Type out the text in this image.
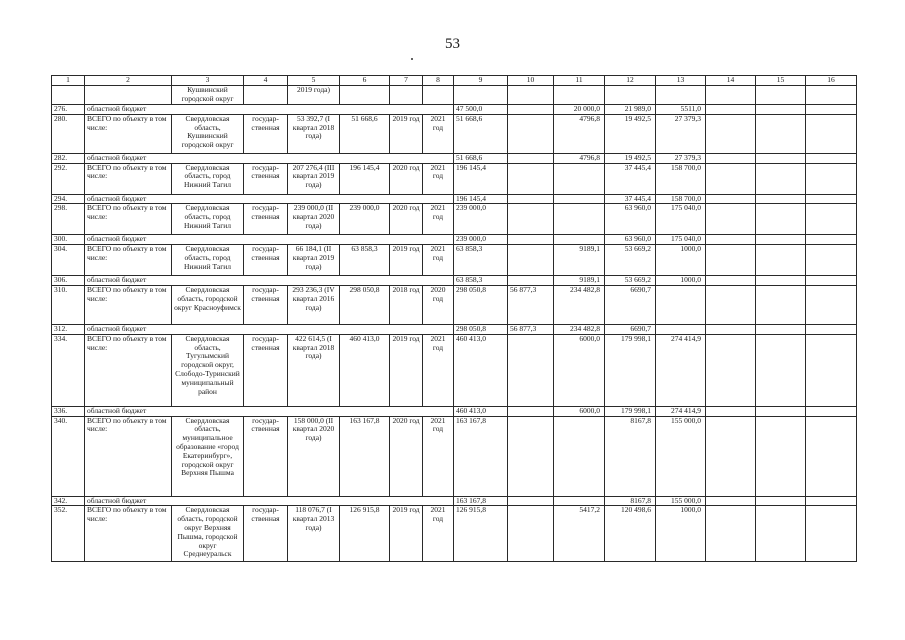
53
1	2	3	4	5	6	7	8	9	10	11	12	13	14	15	16
		Кушвинский городской округ		2019 года)											
276.	областной бюджет							47 500,0		20 000,0	21 989,0	5511,0			
280.	ВСЕГО по объекту в том числе:	Свердловская область, Кушвинский городской округ	государ-ственная	53 392,7 (I квартал 2018 года)	51 668,6	2019 год	2021 год	51 668,6		4796,8	19 492,5	27 379,3			
282.	областной бюджет							51 668,6		4796,8	19 492,5	27 379,3			
292.	ВСЕГО по объекту в том числе:	Свердловская область, город Нижний Тагил	государ-ственная	207 276,4 (III квартал 2019 года)	196 145,4	2020 год	2021 год	196 145,4			37 445,4	158 700,0			
294.	областной бюджет							196 145,4			37 445,4	158 700,0			
298.	ВСЕГО по объекту в том числе:	Свердловская область, город Нижний Тагил	государ-ственная	239 000,0 (II квартал 2020 года)	239 000,0	2020 год	2021 год	239 000,0			63 960,0	175 040,0			
300.	областной бюджет							239 000,0			63 960,0	175 040,0			
304.	ВСЕГО по объекту в том числе:	Свердловская область, город Нижний Тагил	государ-ственная	66 184,1 (II квартал 2019 года)	63 858,3	2019 год	2021 год	63 858,3		9189,1	53 669,2	1000,0			
306.	областной бюджет							63 858,3		9189,1	53 669,2	1000,0			
310.	ВСЕГО по объекту в том числе:	Свердловская область, городской округ Красноуфимск	государ-ственная	293 236,3 (IV квартал 2016 года)	298 050,8	2018 год	2020 год	298 050,8	56 877,3	234 482,8	6690,7				
312.	областной бюджет							298 050,8	56 877,3	234 482,8	6690,7				
334.	ВСЕГО по объекту в том числе:	Свердловская область, Тугулымский городской округ, Слободо-Туринский муниципальный район	государ-ственная	422 614,5 (I квартал 2018 года)	460 413,0	2019 год	2021 год	460 413,0		6000,0	179 998,1	274 414,9			
336.	областной бюджет							460 413,0		6000,0	179 998,1	274 414,9			
340.	ВСЕГО по объекту в том числе:	Свердловская область, муниципальное образование «город Екатеринбург», городской округ Верхняя Пышма	государ-ственная	158 000,0 (II квартал 2020 года)	163 167,8	2020 год	2021 год	163 167,8			8167,8	155 000,0			
342.	областной бюджет							163 167,8			8167,8	155 000,0			
352.	ВСЕГО по объекту в том числе:	Свердловская область, городской округ Верхняя Пышма, городской округ Среднеуральск	государ-ственная	118 076,7 (I квартал 2013 года)	126 915,8	2019 год	2021 год	126 915,8		5417,2	120 498,6	1000,0			
